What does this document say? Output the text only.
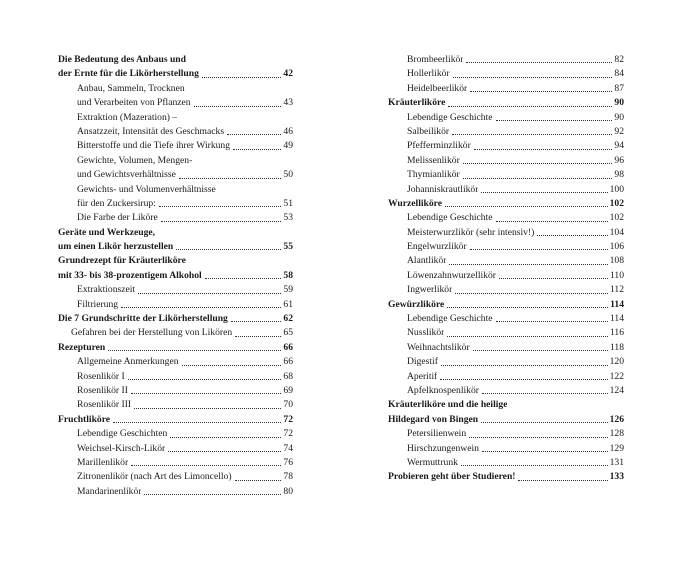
Die Bedeutung des Anbaus und
der Ernte für die Likörherstellung	42
Anbau, Sammeln, Trocknen
und Verarbeiten von Pflanzen	43
Extraktion (Mazeration) –
Ansatzzeit, Intensität des Geschmacks	46
Bitterstoffe und die Tiefe ihrer Wirkung	49
Gewichte, Volumen, Mengen-
und Gewichtsverhältnisse	50
Gewichts- und Volumenverhältnisse
für den Zuckersirup:	51
Die Farbe der Liköre	53
Geräte und Werkzeuge,
um einen Likör herzustellen	55
Grundrezept für Kräuterliköre
mit 33- bis 38-prozentigem Alkohol	58
Extraktionszeit	59
Filtrierung	61
Die 7 Grundschritte der Likörherstellung	62
Gefahren bei der Herstellung von Likören	65
Rezepturen	66
Allgemeine Anmerkungen	66
Rosenlikör I	68
Rosenlikör II	69
Rosenlikör III	70
Fruchtliköre	72
Lebendige Geschichten	72
Weichsel-Kirsch-Likör	74
Marillenlikör	76
Zitronenlikör (nach Art des Limoncello)	78
Mandarinenlikör	80
Brombeerlikör	82
Hollerlikör	84
Heidelbeerlikör	87
Kräuterliköre	90
Lebendige Geschichte	90
Salbeilikör	92
Pfefferminzlikör	94
Melissenlikör	96
Thymianlikör	98
Johanniskrautlikör	100
Wurzelliköre	102
Lebendige Geschichte	102
Meisterwurzlikör (sehr intensiv!)	104
Engelwurzlikör	106
Alantlikör	108
Löwenzahnwurzellikör	110
Ingwerlikör	112
Gewürzliköre	114
Lebendige Geschichte	114
Nusslikör	116
Weihnachtslikör	118
Digestif	120
Aperitif	122
Apfelknospenlikör	124
Kräuterliköre und die heilige
Hildegard von Bingen	126
Petersilienwein	128
Hirschzungenwein	129
Wermuttrunk	131
Probieren geht über Studieren!	133
